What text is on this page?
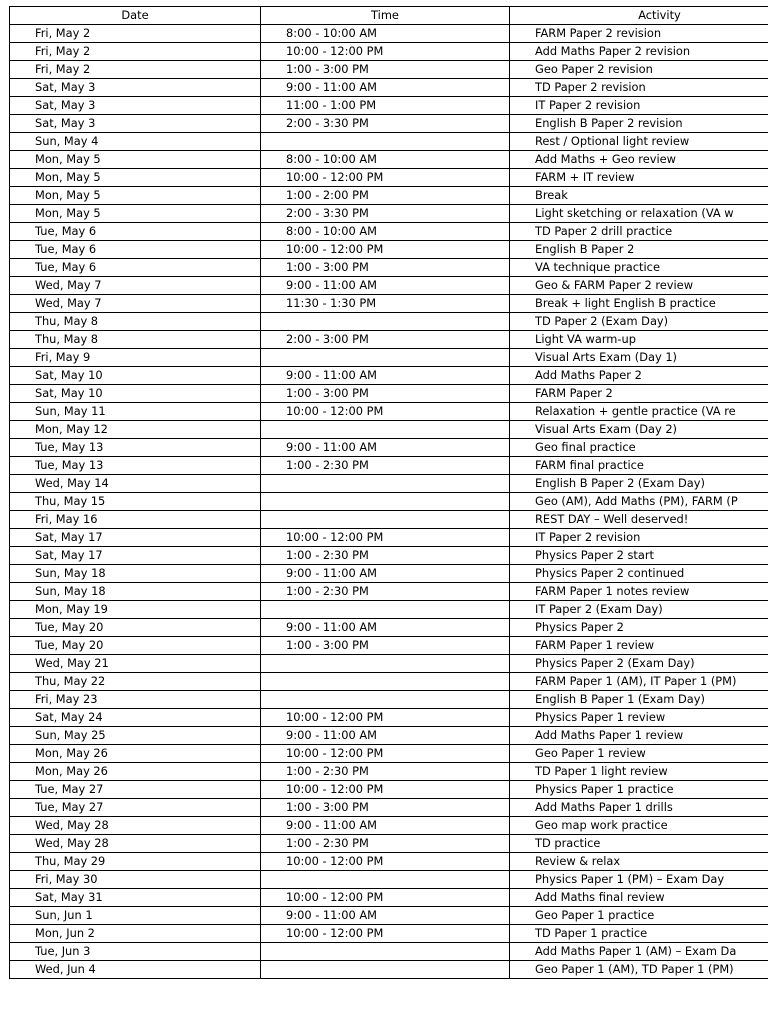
Date	Time	Activity
Fri, May 2	8:00 - 10:00 AM	FARM Paper 2 revision
Fri, May 2	10:00 - 12:00 PM	Add Maths Paper 2 revision
Fri, May 2	1:00 - 3:00 PM	Geo Paper 2 revision
Sat, May 3	9:00 - 11:00 AM	TD Paper 2 revision
Sat, May 3	11:00 - 1:00 PM	IT Paper 2 revision
Sat, May 3	2:00 - 3:30 PM	English B Paper 2 revision
Sun, May 4		Rest / Optional light review
Mon, May 5	8:00 - 10:00 AM	Add Maths + Geo review
Mon, May 5	10:00 - 12:00 PM	FARM + IT review
Mon, May 5	1:00 - 2:00 PM	Break
Mon, May 5	2:00 - 3:30 PM	Light sketching or relaxation (VA w
Tue, May 6	8:00 - 10:00 AM	TD Paper 2 drill practice
Tue, May 6	10:00 - 12:00 PM	English B Paper 2
Tue, May 6	1:00 - 3:00 PM	VA technique practice
Wed, May 7	9:00 - 11:00 AM	Geo & FARM Paper 2 review
Wed, May 7	11:30 - 1:30 PM	Break + light English B practice
Thu, May 8		TD Paper 2 (Exam Day)
Thu, May 8	2:00 - 3:00 PM	Light VA warm-up
Fri, May 9		Visual Arts Exam (Day 1)
Sat, May 10	9:00 - 11:00 AM	Add Maths Paper 2
Sat, May 10	1:00 - 3:00 PM	FARM Paper 2
Sun, May 11	10:00 - 12:00 PM	Relaxation + gentle practice (VA re
Mon, May 12		Visual Arts Exam (Day 2)
Tue, May 13	9:00 - 11:00 AM	Geo final practice
Tue, May 13	1:00 - 2:30 PM	FARM final practice
Wed, May 14		English B Paper 2 (Exam Day)
Thu, May 15		Geo (AM), Add Maths (PM), FARM (P
Fri, May 16		REST DAY – Well deserved!
Sat, May 17	10:00 - 12:00 PM	IT Paper 2 revision
Sat, May 17	1:00 - 2:30 PM	Physics Paper 2 start
Sun, May 18	9:00 - 11:00 AM	Physics Paper 2 continued
Sun, May 18	1:00 - 2:30 PM	FARM Paper 1 notes review
Mon, May 19		IT Paper 2 (Exam Day)
Tue, May 20	9:00 - 11:00 AM	Physics Paper 2
Tue, May 20	1:00 - 3:00 PM	FARM Paper 1 review
Wed, May 21		Physics Paper 2 (Exam Day)
Thu, May 22		FARM Paper 1 (AM), IT Paper 1 (PM)
Fri, May 23		English B Paper 1 (Exam Day)
Sat, May 24	10:00 - 12:00 PM	Physics Paper 1 review
Sun, May 25	9:00 - 11:00 AM	Add Maths Paper 1 review
Mon, May 26	10:00 - 12:00 PM	Geo Paper 1 review
Mon, May 26	1:00 - 2:30 PM	TD Paper 1 light review
Tue, May 27	10:00 - 12:00 PM	Physics Paper 1 practice
Tue, May 27	1:00 - 3:00 PM	Add Maths Paper 1 drills
Wed, May 28	9:00 - 11:00 AM	Geo map work practice
Wed, May 28	1:00 - 2:30 PM	TD practice
Thu, May 29	10:00 - 12:00 PM	Review & relax
Fri, May 30		Physics Paper 1 (PM) – Exam Day
Sat, May 31	10:00 - 12:00 PM	Add Maths final review
Sun, Jun 1	9:00 - 11:00 AM	Geo Paper 1 practice
Mon, Jun 2	10:00 - 12:00 PM	TD Paper 1 practice
Tue, Jun 3		Add Maths Paper 1 (AM) – Exam Da
Wed, Jun 4		Geo Paper 1 (AM), TD Paper 1 (PM)
